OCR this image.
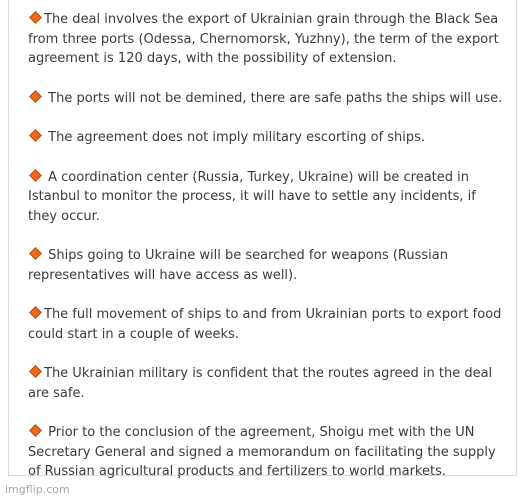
The deal involves the export of Ukrainian grain through the Black Sea from three ports (Odessa, Chernomorsk, Yuzhny), the term of the export agreement is 120 days, with the possibility of extension.

The ports will not be demined, there are safe paths the ships will use.

The agreement does not imply military escorting of ships.

A coordination center (Russia, Turkey, Ukraine) will be created in Istanbul to monitor the process, it will have to settle any incidents, if they occur.

Ships going to Ukraine will be searched for weapons (Russian representatives will have access as well).

The full movement of ships to and from Ukrainian ports to export food could start in a couple of weeks.

The Ukrainian military is confident that the routes agreed in the deal are safe.

Prior to the conclusion of the agreement, Shoigu met with the UN Secretary General and signed a memorandum on facilitating the supply of Russian agricultural products and fertilizers to world markets.

imgflip.com
